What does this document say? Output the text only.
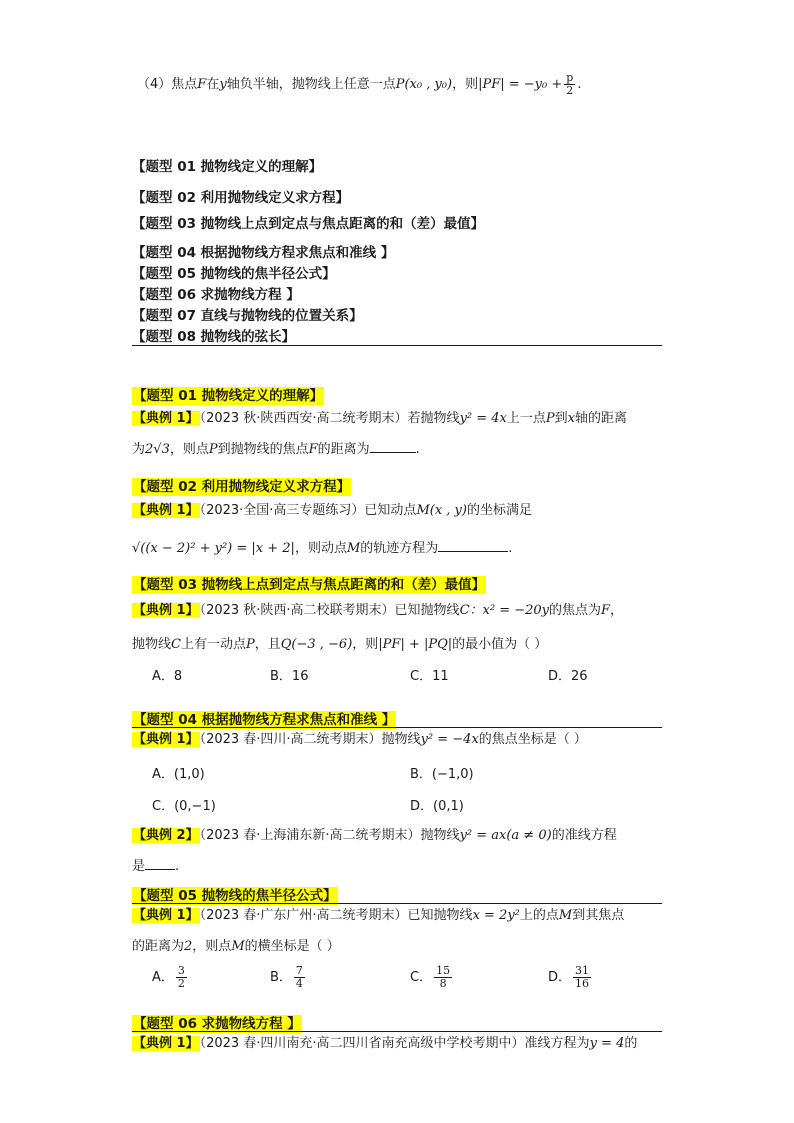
（4）焦点F在y轴负半轴，抛物线上任意一点P(x₀ , y₀)，则$|PF| = -y_0 + \frac{p}{2}$ .
【题型 01 抛物线定义的理解】
【题型 02 利用抛物线定义求方程】
【题型 03 抛物线上点到定点与焦点距离的和（差）最值】
【题型 04 根据抛物线方程求焦点和准线 】
【题型 05 抛物线的焦半径公式】
【题型 06 求抛物线方程 】
【题型 07 直线与抛物线的位置关系】
【题型 08 抛物线的弦长】
【题型 01 抛物线定义的理解】
【典例 1】（2023 秋·陕西西安·高二统考期末）若抛物线y² = 4x上一点P到x轴的距离
为2√3，则点P到抛物线的焦点F的距离为	.
【题型 02 利用抛物线定义求方程】
【典例 1】（2023·全国·高三专题练习）已知动点M(x , y)的坐标满足
√((x − 2)² + y²) = |x + 2|，则动点M的轨迹方程为	.
【题型 03 抛物线上点到定点与焦点距离的和（差）最值】
【典例 1】（2023 秋·陕西·高二校联考期末）已知抛物线C：x² = −20y的焦点为F，
抛物线C上有一动点P，且Q(−3 , −6)，则|PF| + |PQ|的最小值为（ ）
A．8	B．16	C．11	D．26
【题型 04 根据抛物线方程求焦点和准线 】
【典例 1】（2023 春·四川·高二统考期末）抛物线y² = −4x的焦点坐标是（ ）
A．(1,0)	B．(−1,0)
C．(0,−1)	D．(0,1)
【典例 2】（2023 春·上海浦东新·高二统考期末）抛物线y² = ax(a ≠ 0)的准线方程
是 .
【题型 05 抛物线的焦半径公式】
【典例 1】（2023 春·广东广州·高二统考期末）已知抛物线x = 2y²上的点M到其焦点
的距离为2，则点M的横坐标是（ ）
A． $\frac{3}{2}$	B． $\frac{7}{4}$	C． $\frac{15}{8}$	D． $\frac{31}{16}$
【题型 06 求抛物线方程 】
【典例 1】（2023 春·四川南充·高二四川省南充高级中学校考期中）准线方程为y = 4的
